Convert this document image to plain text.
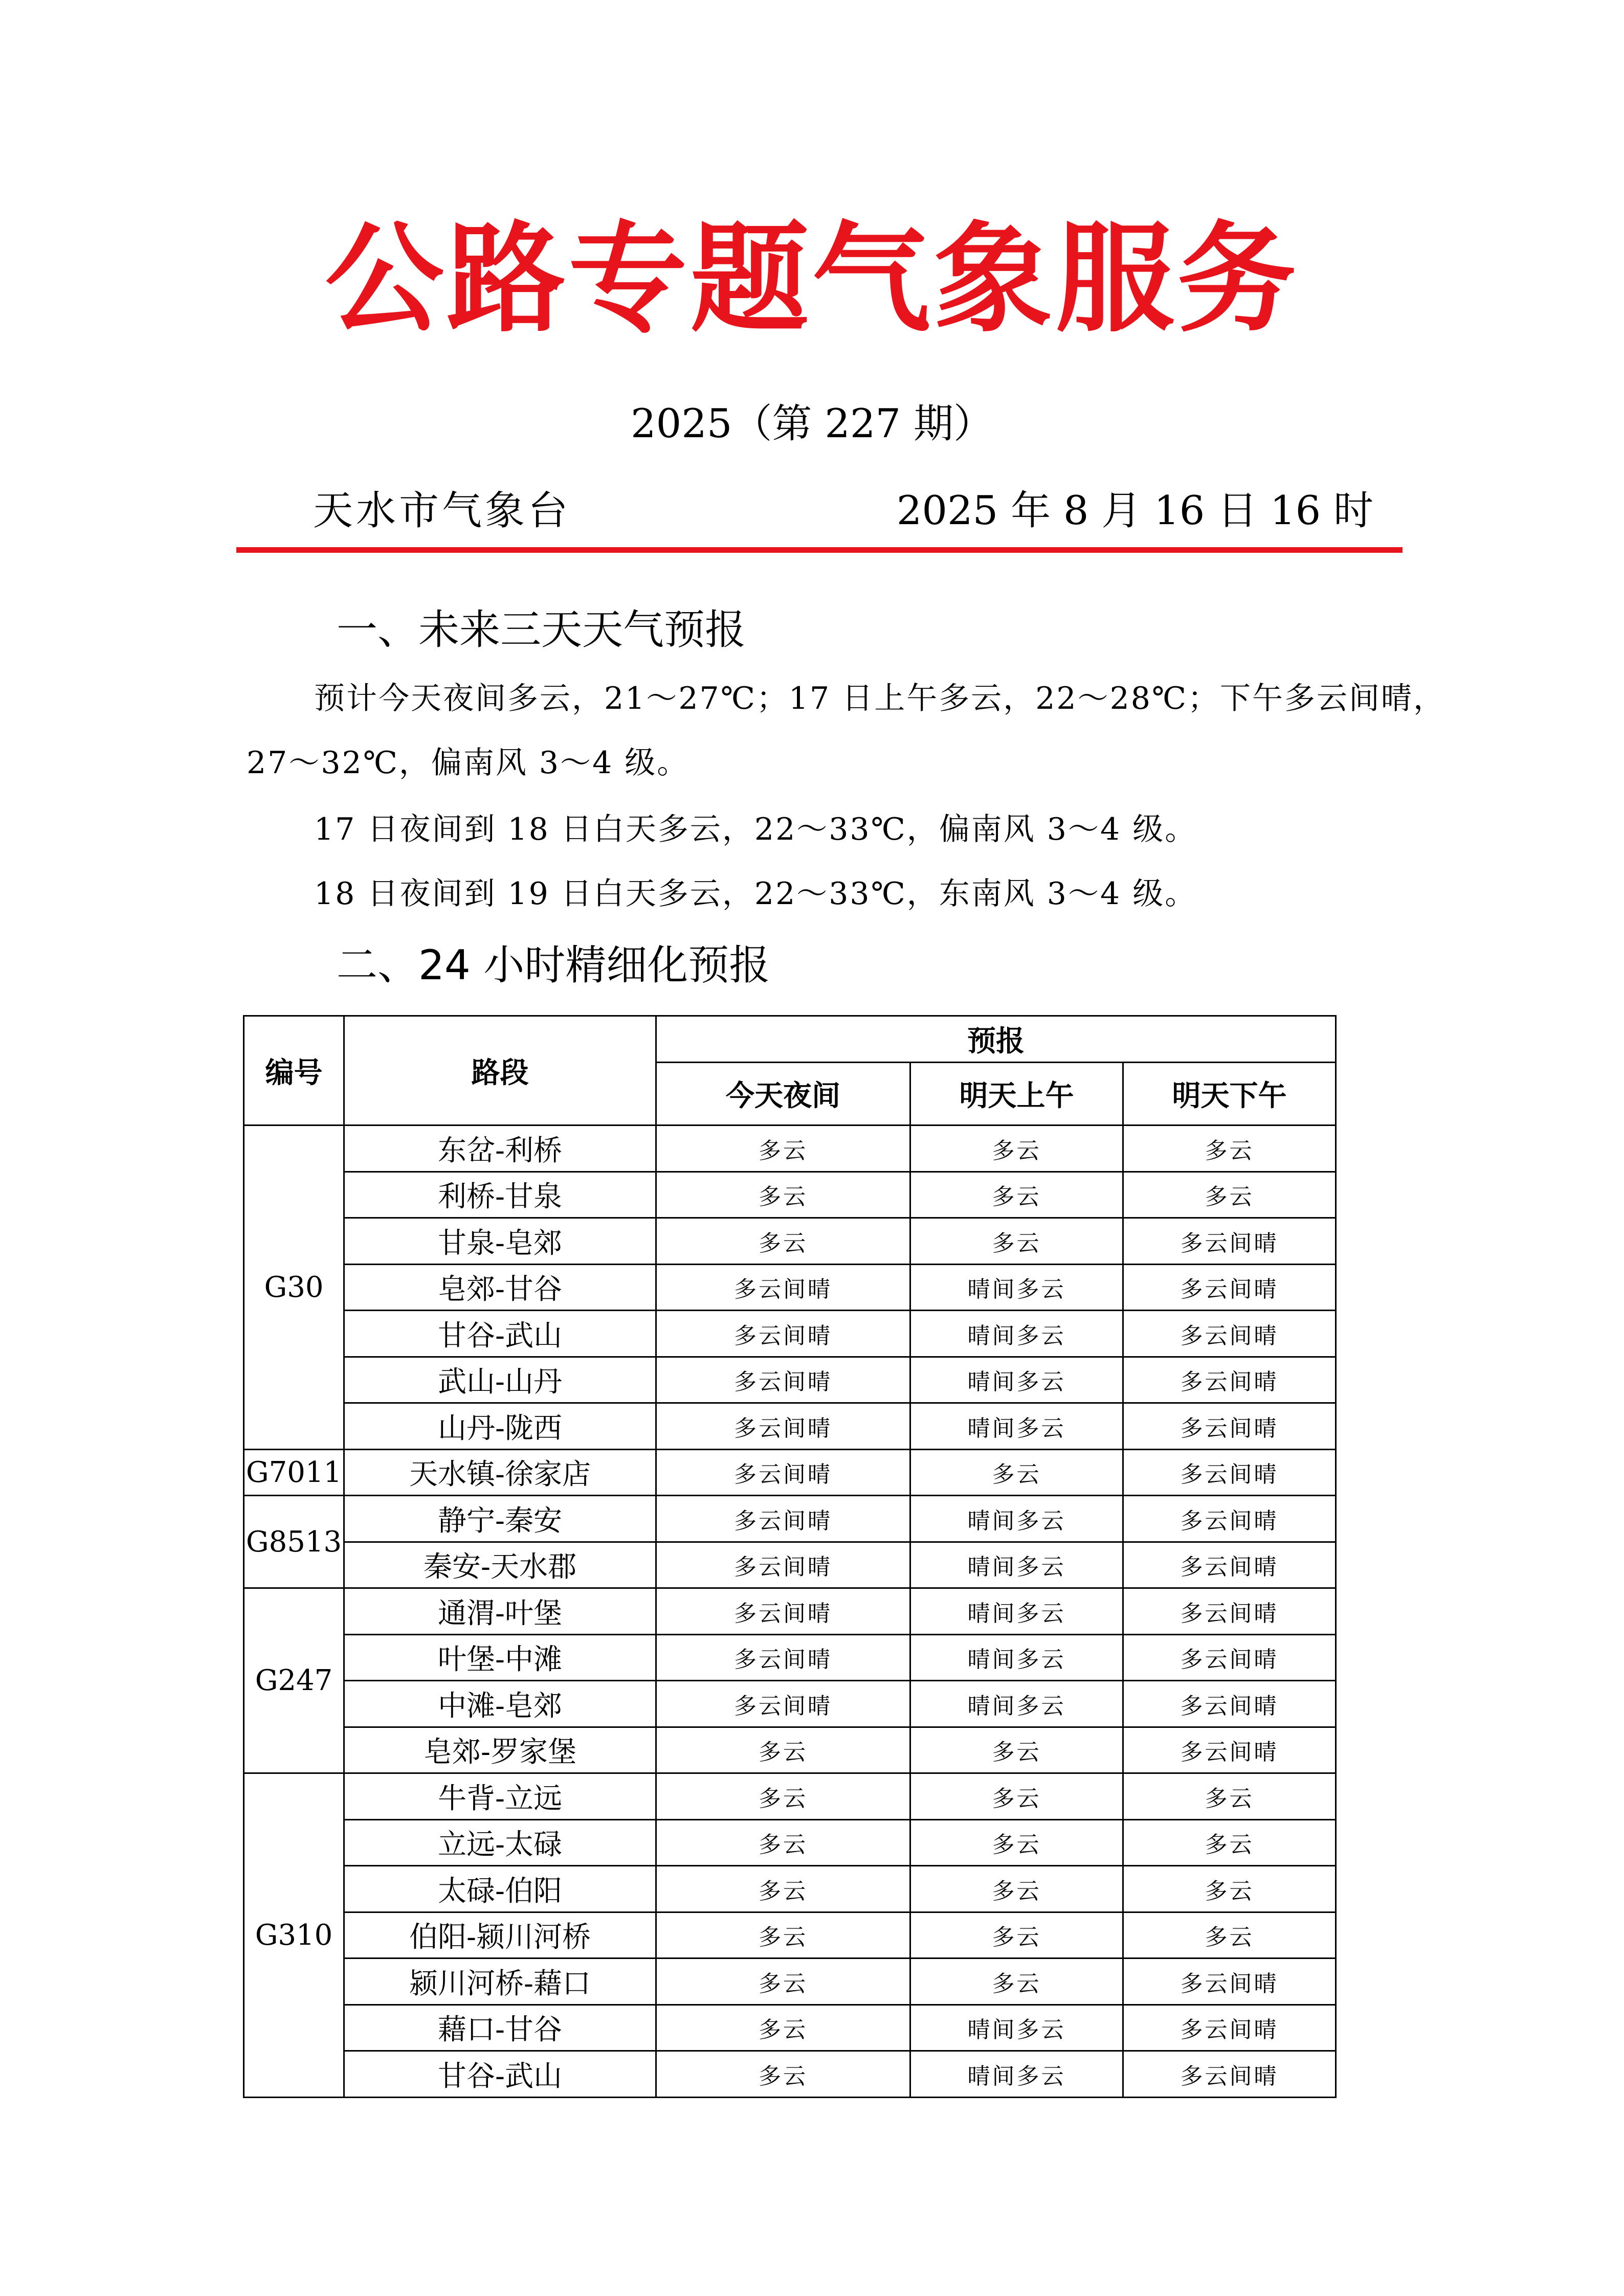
公路专题气象服务
2025（第 227 期）
天水市气象台	2025 年 8 月 16 日 16 时
一、未来三天天气预报
预计今天夜间多云，21～27℃；17 日上午多云，22～28℃；下午多云间晴，
27～32℃，偏南风 3～4 级。
17 日夜间到 18 日白天多云，22～33℃，偏南风 3～4 级。
18 日夜间到 19 日白天多云，22～33℃，东南风 3～4 级。
二、24 小时精细化预报
编号	路段	预报		
		今天夜间	明天上午	明天下午
G30	东岔-利桥	多云	多云	多云
	利桥-甘泉	多云	多云	多云
	甘泉-皂郊	多云	多云	多云间晴
	皂郊-甘谷	多云间晴	晴间多云	多云间晴
	甘谷-武山	多云间晴	晴间多云	多云间晴
	武山-山丹	多云间晴	晴间多云	多云间晴
	山丹-陇西	多云间晴	晴间多云	多云间晴
G7011	天水镇-徐家店	多云间晴	多云	多云间晴
G8513	静宁-秦安	多云间晴	晴间多云	多云间晴
	秦安-天水郡	多云间晴	晴间多云	多云间晴
G247	通渭-叶堡	多云间晴	晴间多云	多云间晴
	叶堡-中滩	多云间晴	晴间多云	多云间晴
	中滩-皂郊	多云间晴	晴间多云	多云间晴
	皂郊-罗家堡	多云	多云	多云间晴
G310	牛背-立远	多云	多云	多云
	立远-太碌	多云	多云	多云
	太碌-伯阳	多云	多云	多云
	伯阳-颍川河桥	多云	多云	多云
	颍川河桥-藉口	多云	多云	多云间晴
	藉口-甘谷	多云	晴间多云	多云间晴
	甘谷-武山	多云	晴间多云	多云间晴
